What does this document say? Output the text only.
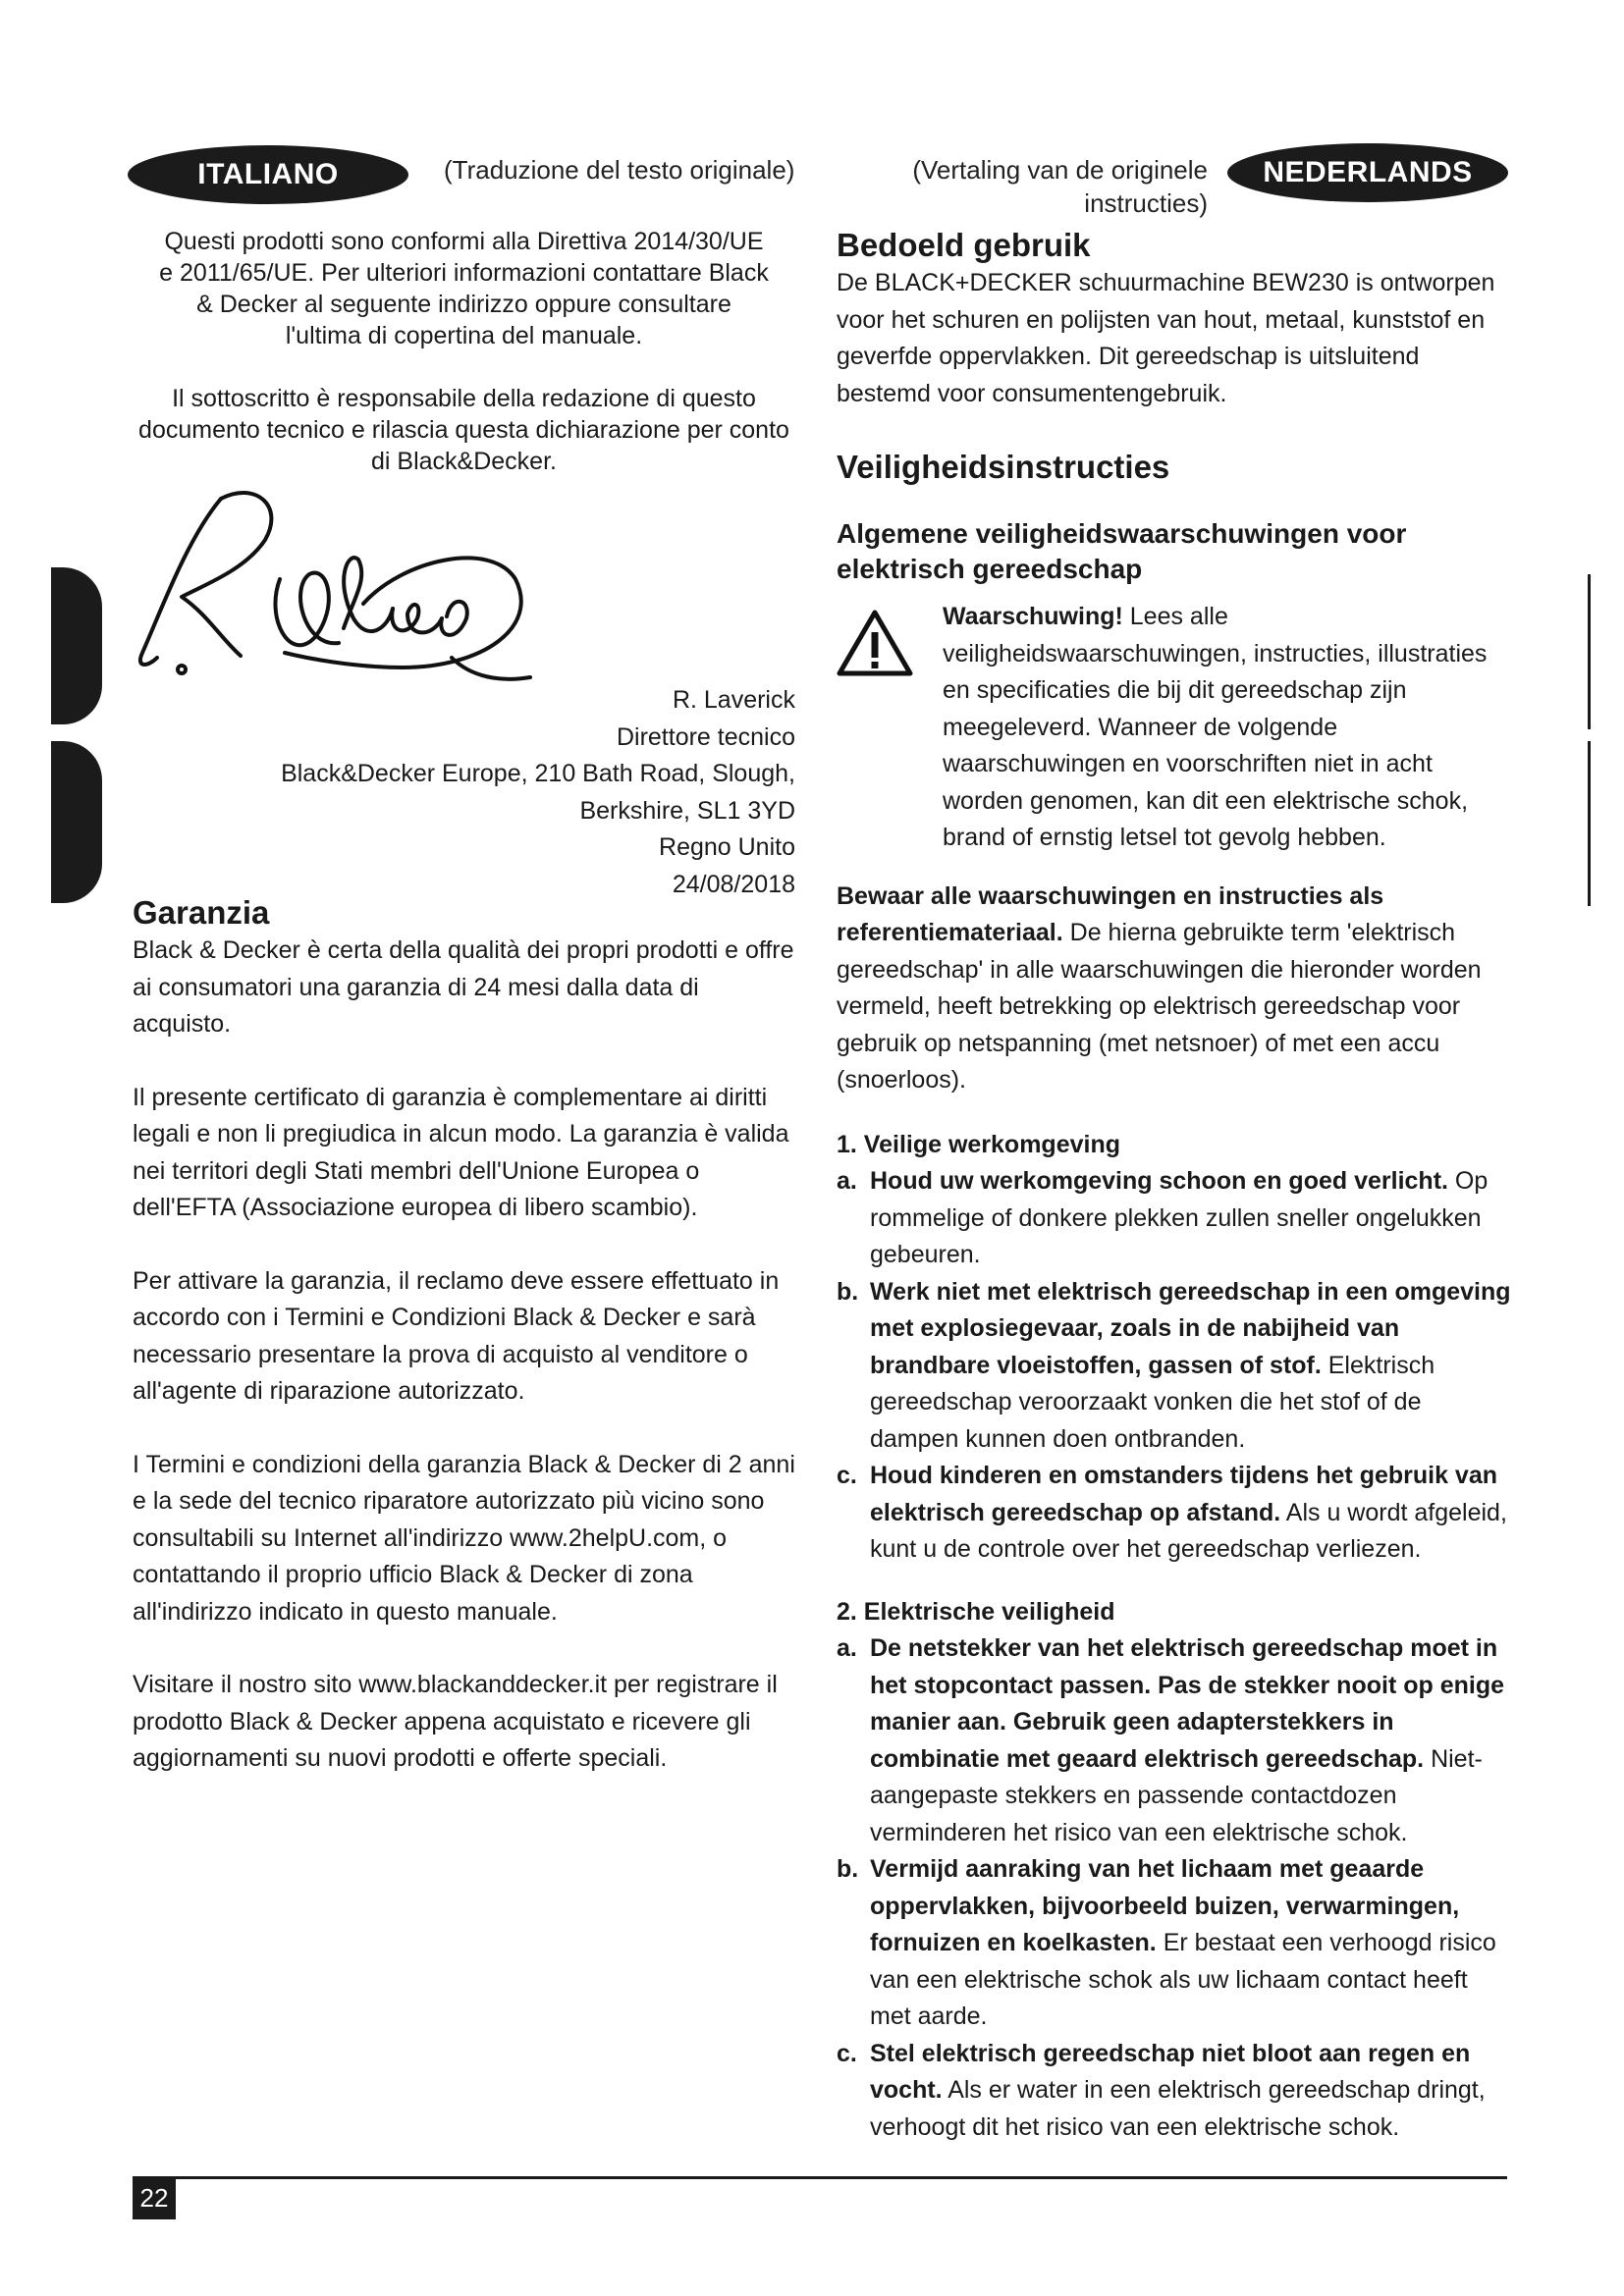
ITALIANO	(Traduzione del testo originale)	(Vertaling van de originele
instructies)
NEDERLANDS

Questi prodotti sono conformi alla Direttiva 2014/30/UE e 2011/65/UE. Per ulteriori informazioni contattare Black & Decker al seguente indirizzo oppure consultare l'ultima di copertina del manuale.

Il sottoscritto è responsabile della redazione di questo documento tecnico e rilascia questa dichiarazione per conto di Black&Decker.

R. Laverick

Direttore tecnico

Black&Decker Europe, 210 Bath Road, Slough,

Berkshire, SL1 3YD

Regno Unito

24/08/2018

Garanzia

Black & Decker è certa della qualità dei propri prodotti e offre ai consumatori una garanzia di 24 mesi dalla data di acquisto.

Il presente certificato di garanzia è complementare ai diritti legali e non li pregiudica in alcun modo. La garanzia è valida nei territori degli Stati membri dell'Unione Europea o dell'EFTA (Associazione europea di libero scambio).

Per attivare la garanzia, il reclamo deve essere effettuato in accordo con i Termini e Condizioni Black & Decker e sarà necessario presentare la prova di acquisto al venditore o all'agente di riparazione autorizzato.

I Termini e condizioni della garanzia Black & Decker di 2 anni e la sede del tecnico riparatore autorizzato più vicino sono consultabili su Internet all'indirizzo www.2helpU.com, o contattando il proprio ufficio Black & Decker di zona all'indirizzo indicato in questo manuale.

Visitare il nostro sito www.blackanddecker.it per registrare il prodotto Black & Decker appena acquistato e ricevere gli aggiornamenti su nuovi prodotti e offerte speciali.

Bedoeld gebruik

De BLACK+DECKER schuurmachine BEW230 is ontworpen voor het schuren en polijsten van hout, metaal, kunststof en geverfde oppervlakken. Dit gereedschap is uitsluitend bestemd voor consumentengebruik.

Veiligheidsinstructies
Algemene veiligheidswaarschuwingen voor elektrisch gereedschap

Waarschuwing! Lees alle veiligheidswaarschuwingen, instructies, illustraties en specificaties die bij dit gereedschap zijn meegeleverd. Wanneer de volgende waarschuwingen en voorschriften niet in acht worden genomen, kan dit een elektrische schok, brand of ernstig letsel tot gevolg hebben.

Bewaar alle waarschuwingen en instructies als referentiemateriaal. De hierna gebruikte term 'elektrisch gereedschap' in alle waarschuwingen die hieronder worden vermeld, heeft betrekking op elektrisch gereedschap voor gebruik op netspanning (met netsnoer) of met een accu (snoerloos).

1. Veilige werkomgeving

a. Houd uw werkomgeving schoon en goed verlicht. Op rommelige of donkere plekken zullen sneller ongelukken gebeuren.

b. Werk niet met elektrisch gereedschap in een omgeving met explosiegevaar, zoals in de nabijheid van brandbare vloeistoffen, gassen of stof. Elektrisch gereedschap veroorzaakt vonken die het stof of de dampen kunnen doen ontbranden.

c. Houd kinderen en omstanders tijdens het gebruik van elektrisch gereedschap op afstand. Als u wordt afgeleid, kunt u de controle over het gereedschap verliezen.

2. Elektrische veiligheid

a. De netstekker van het elektrisch gereedschap moet in het stopcontact passen. Pas de stekker nooit op enige manier aan. Gebruik geen adapterstekkers in combinatie met geaard elektrisch gereedschap. Niet-aangepaste stekkers en passende contactdozen verminderen het risico van een elektrische schok.

b. Vermijd aanraking van het lichaam met geaarde oppervlakken, bijvoorbeeld buizen, verwarmingen, fornuizen en koelkasten. Er bestaat een verhoogd risico van een elektrische schok als uw lichaam contact heeft met aarde.

c. Stel elektrisch gereedschap niet bloot aan regen en vocht. Als er water in een elektrisch gereedschap dringt, verhoogt dit het risico van een elektrische schok.

22
